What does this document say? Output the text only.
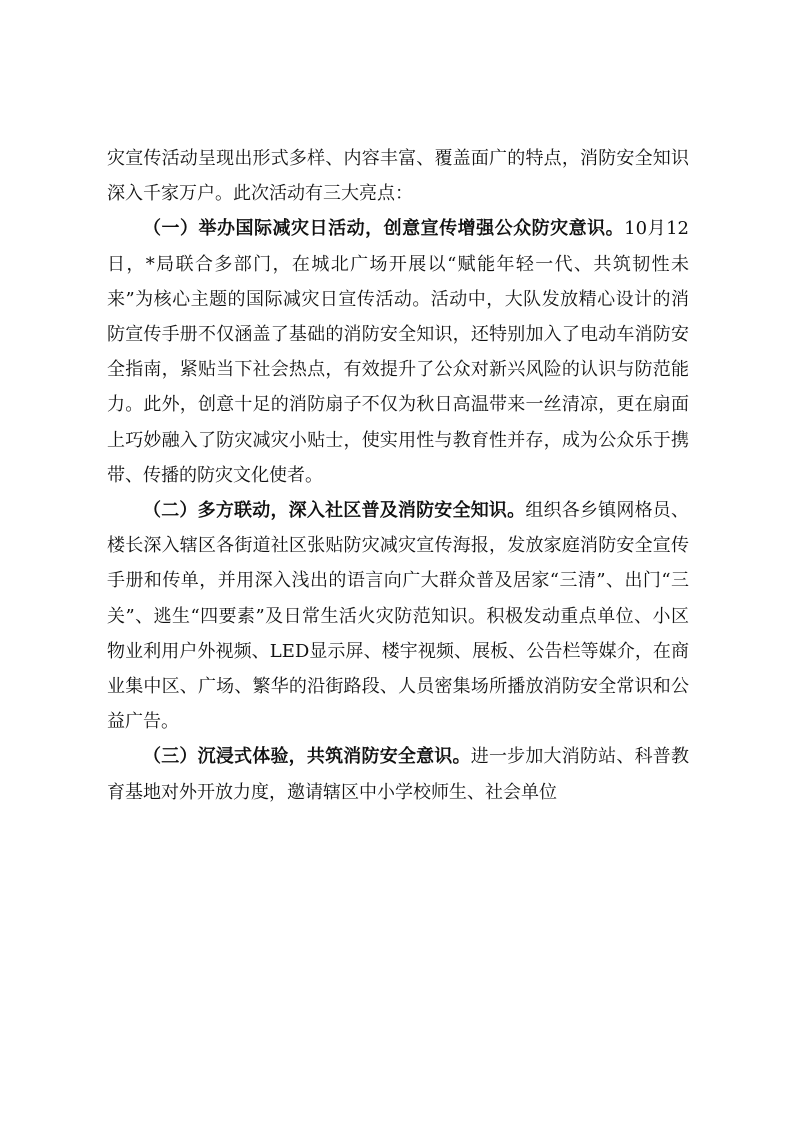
灾宣传活动呈现出形式多样、内容丰富、覆盖面广的特点，消防安全知识深入千家万户。此次活动有三大亮点：

（一）举办国际减灾日活动，创意宣传增强公众防灾意识。10月12日，*局联合多部门，在城北广场开展以“赋能年轻一代、共筑韧性未来”为核心主题的国际减灾日宣传活动。活动中，大队发放精心设计的消防宣传手册不仅涵盖了基础的消防安全知识，还特别加入了电动车消防安全指南，紧贴当下社会热点，有效提升了公众对新兴风险的认识与防范能力。此外，创意十足的消防扇子不仅为秋日高温带来一丝清凉，更在扇面上巧妙融入了防灾减灾小贴士，使实用性与教育性并存，成为公众乐于携带、传播的防灾文化使者。

（二）多方联动，深入社区普及消防安全知识。组织各乡镇网格员、楼长深入辖区各街道社区张贴防灾减灾宣传海报，发放家庭消防安全宣传手册和传单，并用深入浅出的语言向广大群众普及居家“三清”、出门“三关”、逃生“四要素”及日常生活火灾防范知识。积极发动重点单位、小区物业利用户外视频、LED显示屏、楼宇视频、展板、公告栏等媒介，在商业集中区、广场、繁华的沿街路段、人员密集场所播放消防安全常识和公益广告。

（三）沉浸式体验，共筑消防安全意识。进一步加大消防站、科普教育基地对外开放力度，邀请辖区中小学校师生、社会单位
